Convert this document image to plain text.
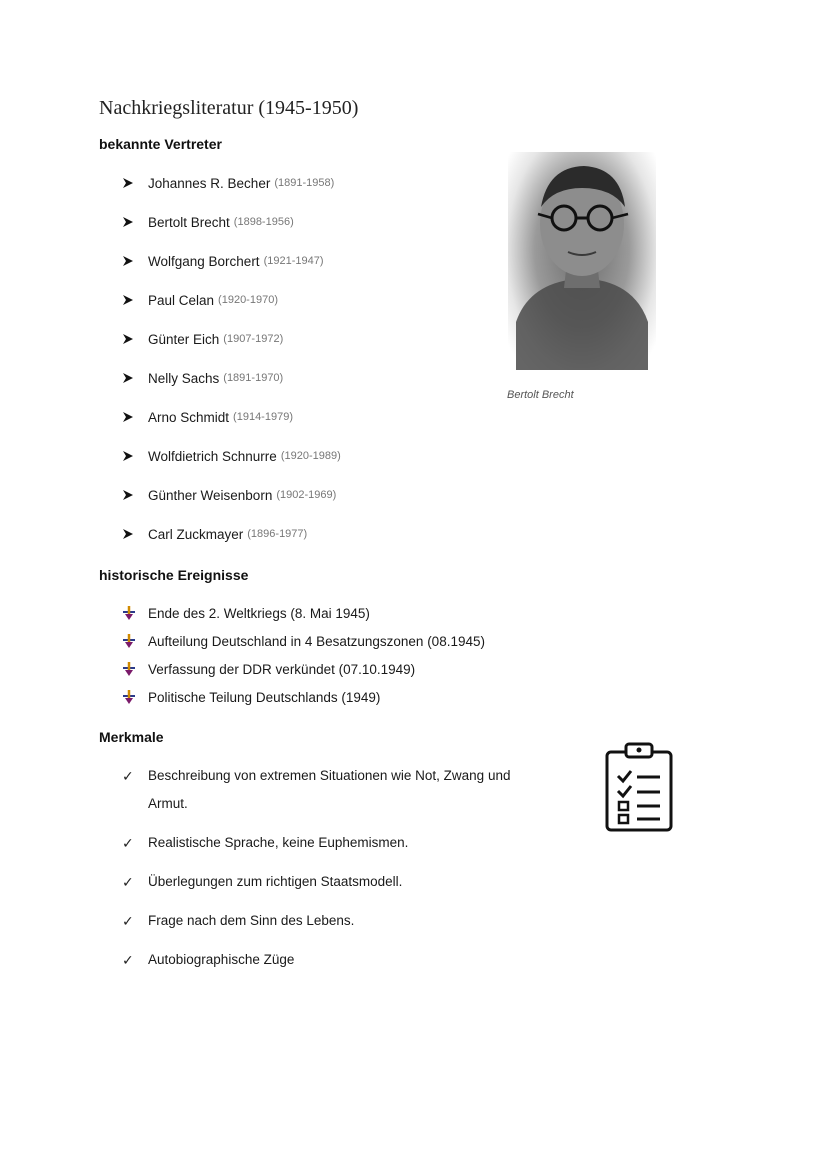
Nachkriegsliteratur (1945-1950)
bekannte Vertreter
Johannes R. Becher (1891-1958)
Bertolt Brecht (1898-1956)
Wolfgang Borchert (1921-1947)
Paul Celan (1920-1970)
Günter Eich (1907-1972)
Nelly Sachs (1891-1970)
Arno Schmidt (1914-1979)
Wolfdietrich Schnurre (1920-1989)
Günther Weisenborn (1902-1969)
Carl Zuckmayer (1896-1977)
Bertolt Brecht
historische Ereignisse
Ende des 2. Weltkriegs (8. Mai 1945)
Aufteilung Deutschland in 4 Besatzungszonen (08.1945)
Verfassung der DDR verkündet (07.10.1949)
Politische Teilung Deutschlands (1949)
Merkmale
✓	Beschreibung von extremen Situationen wie Not, Zwang und Armut.
✓	Realistische Sprache, keine Euphemismen.
✓	Überlegungen zum richtigen Staatsmodell.
✓	Frage nach dem Sinn des Lebens.
✓	Autobiographische Züge
